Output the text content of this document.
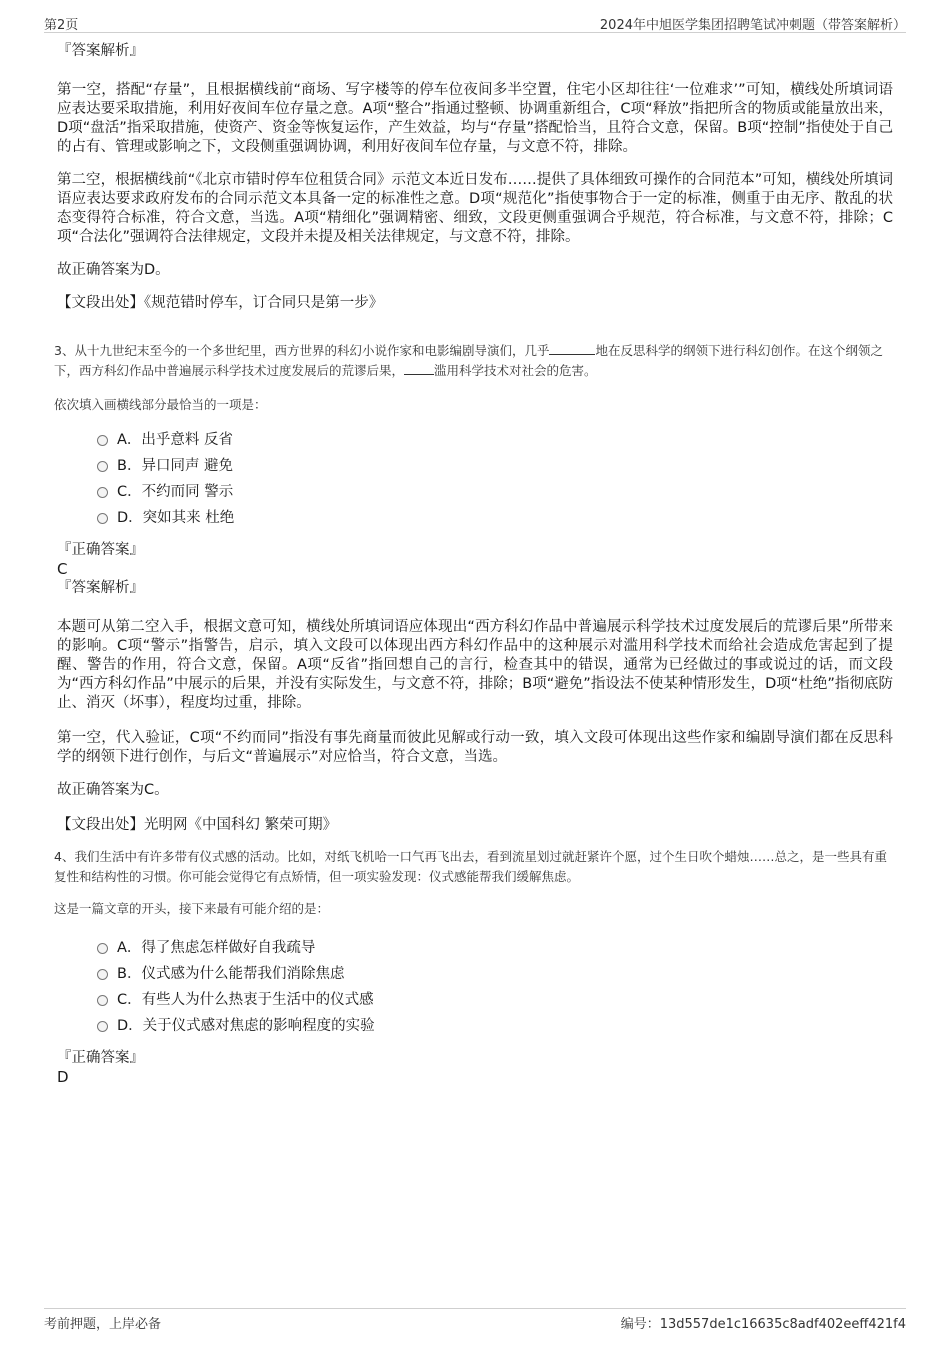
第2页	2024年中旭医学集团招聘笔试冲刺题（带答案解析）
『答案解析』

第一空，搭配“存量”，且根据横线前“商场、写字楼等的停车位夜间多半空置，住宅小区却往往‘一位难求’”可知，横线处所填词语应表达要采取措施，利用好夜间车位存量之意。A项“整合”指通过整顿、协调重新组合，C项“释放”指把所含的物质或能量放出来，D项“盘活”指采取措施，使资产、资金等恢复运作，产生效益，均与“存量”搭配恰当，且符合文意，保留。B项“控制”指使处于自己的占有、管理或影响之下，文段侧重强调协调，利用好夜间车位存量，与文意不符，排除。

第二空，根据横线前“《北京市错时停车位租赁合同》示范文本近日发布……提供了具体细致可操作的合同范本”可知，横线处所填词语应表达要求政府发布的合同示范文本具备一定的标准性之意。D项“规范化”指使事物合于一定的标准，侧重于由无序、散乱的状态变得符合标准，符合文意，当选。A项“精细化”强调精密、细致，文段更侧重强调合乎规范，符合标准，与文意不符，排除；C项“合法化”强调符合法律规定，文段并未提及相关法律规定，与文意不符，排除。

故正确答案为D。

【文段出处】《规范错时停车，订合同只是第一步》

3、从十九世纪末至今的一个多世纪里，西方世界的科幻小说作家和电影编剧导演们，几乎	地在反思科学的纲领下进行科幻创作。在这个纲领之下，西方科幻作品中普遍展示科学技术过度发展后的荒谬后果， 滥用科学技术对社会的危害。

依次填入画横线部分最恰当的一项是：

A．出乎意料 反省
B．异口同声 避免
C．不约而同 警示
D．突如其来 杜绝
『正确答案』
C
『答案解析』

本题可从第二空入手，根据文意可知，横线处所填词语应体现出“西方科幻作品中普遍展示科学技术过度发展后的荒谬后果”所带来的影响。C项“警示”指警告，启示，填入文段可以体现出西方科幻作品中的这种展示对滥用科学技术而给社会造成危害起到了提醒、警告的作用，符合文意，保留。A项“反省”指回想自己的言行，检查其中的错误，通常为已经做过的事或说过的话，而文段为“西方科幻作品”中展示的后果，并没有实际发生，与文意不符，排除；B项“避免”指设法不使某种情形发生，D项“杜绝”指彻底防止、消灭（坏事），程度均过重，排除。

第一空，代入验证，C项“不约而同”指没有事先商量而彼此见解或行动一致，填入文段可体现出这些作家和编剧导演们都在反思科学的纲领下进行创作，与后文“普遍展示”对应恰当，符合文意，当选。

故正确答案为C。

【文段出处】光明网《中国科幻 繁荣可期》

4、我们生活中有许多带有仪式感的活动。比如，对纸飞机哈一口气再飞出去，看到流星划过就赶紧许个愿，过个生日吹个蜡烛……总之，是一些具有重复性和结构性的习惯。你可能会觉得它有点矫情，但一项实验发现：仪式感能帮我们缓解焦虑。

这是一篇文章的开头，接下来最有可能介绍的是：

A．得了焦虑怎样做好自我疏导
B．仪式感为什么能帮我们消除焦虑
C．有些人为什么热衷于生活中的仪式感
D．关于仪式感对焦虑的影响程度的实验
『正确答案』
D
考前押题，上岸必备	编号：13d557de1c16635c8adf402eeff421f4
